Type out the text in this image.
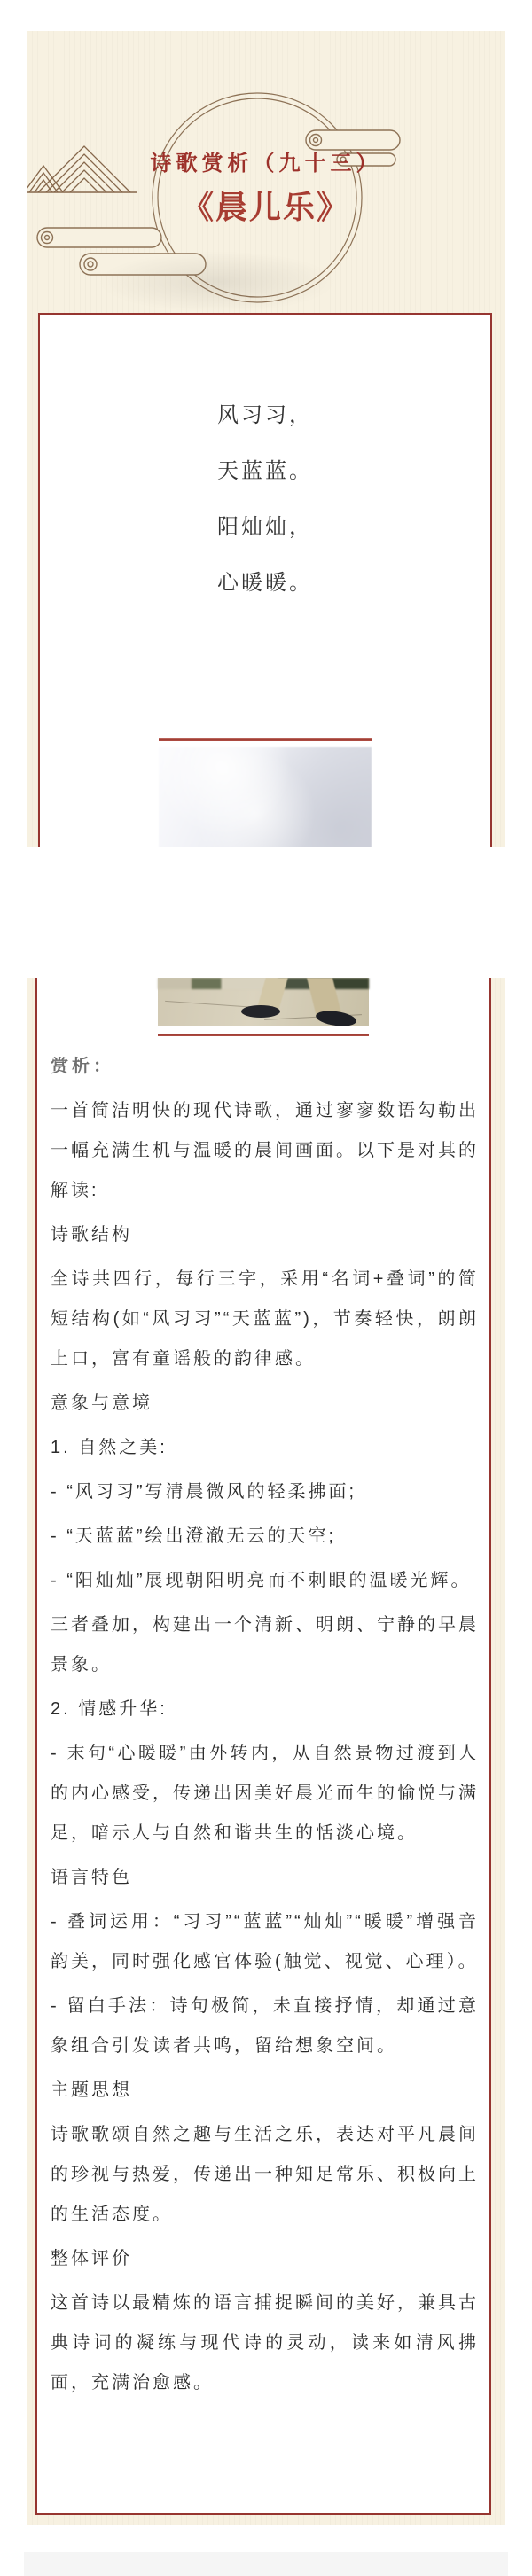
诗歌赏析（九十三）
《晨儿乐》
风习习，
天蓝蓝。
阳灿灿，
心暖暖。

赏析：

一首简洁明快的现代诗歌，通过寥寥数语勾勒出一幅充满生机与温暖的晨间画面。以下是对其的解读:

诗歌结构

全诗共四行，每行三字，采用“名词+叠词”的简短结构(如“风习习”“天蓝蓝”)，节奏轻快，朗朗上口，富有童谣般的韵律感。

意象与意境

1. 自然之美:

- “风习习”写清晨微风的轻柔拂面;

- “天蓝蓝”绘出澄澈无云的天空;

- “阳灿灿”展现朝阳明亮而不刺眼的温暖光辉。

三者叠加，构建出一个清新、明朗、宁静的早晨景象。

2. 情感升华:

- 末句“心暖暖”由外转内，从自然景物过渡到人的内心感受，传递出因美好晨光而生的愉悦与满足，暗示人与自然和谐共生的恬淡心境。

语言特色

- 叠词运用：“习习”“蓝蓝”“灿灿”“暖暖”增强音韵美，同时强化感官体验(触觉、视觉、心理）。

- 留白手法：诗句极简，未直接抒情，却通过意象组合引发读者共鸣，留给想象空间。

主题思想

诗歌歌颂自然之趣与生活之乐，表达对平凡晨间的珍视与热爱，传递出一种知足常乐、积极向上的生活态度。

整体评价

这首诗以最精炼的语言捕捉瞬间的美好，兼具古典诗词的凝练与现代诗的灵动，读来如清风拂面，充满治愈感。
